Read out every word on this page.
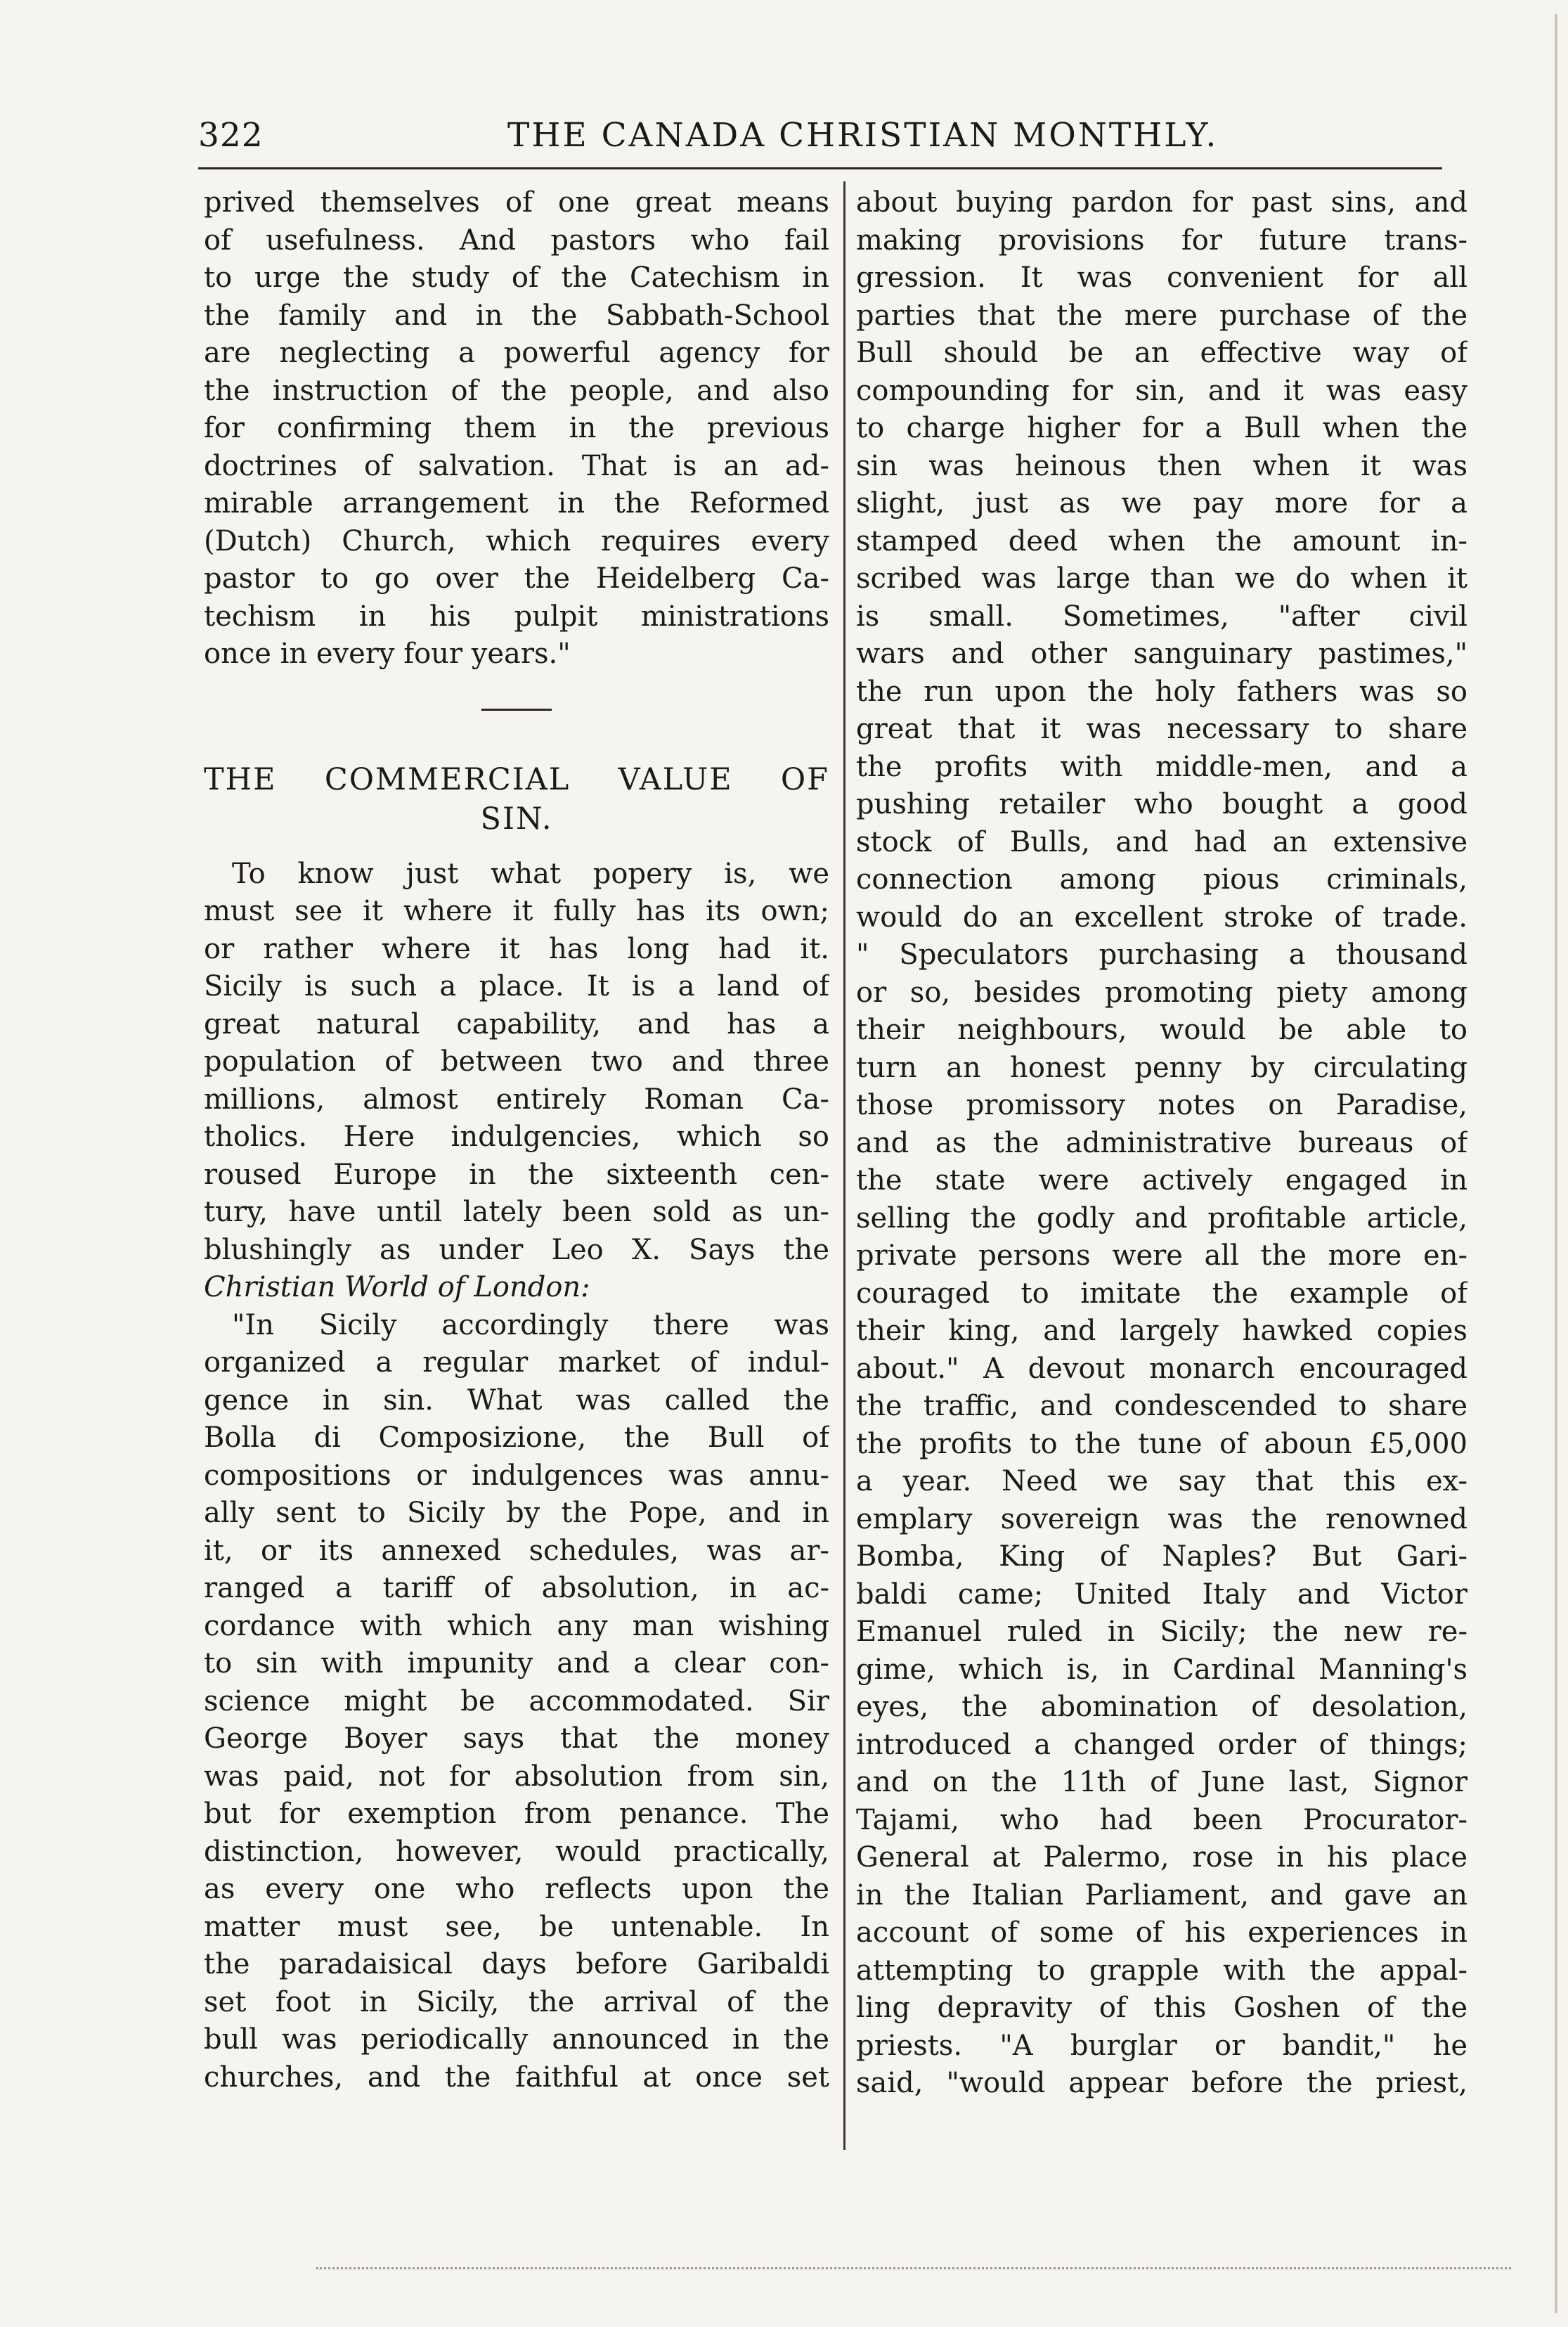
322	THE CANADA CHRISTIAN MONTHLY.
prived themselves of one great means
of usefulness. And pastors who fail
to urge the study of the Catechism in
the family and in the Sabbath-School
are neglecting a powerful agency for
the instruction of the people, and also
for confirming them in the previous
doctrines of salvation. That is an ad-
mirable arrangement in the Reformed
(Dutch) Church, which requires every
pastor to go over the Heidelberg Ca-
techism in his pulpit ministrations
once in every four years."
THE COMMERCIAL VALUE OF
SIN.
To know just what popery is, we
must see it where it fully has its own;
or rather where it has long had it.
Sicily is such a place. It is a land of
great natural capability, and has a
population of between two and three
millions, almost entirely Roman Ca-
tholics. Here indulgencies, which so
roused Europe in the sixteenth cen-
tury, have until lately been sold as un-
blushingly as under Leo X. Says the
Christian World of London:
"In Sicily accordingly there was
organized a regular market of indul-
gence in sin. What was called the
Bolla di Composizione, the Bull of
compositions or indulgences was annu-
ally sent to Sicily by the Pope, and in
it, or its annexed schedules, was ar-
ranged a tariff of absolution, in ac-
cordance with which any man wishing
to sin with impunity and a clear con-
science might be accommodated. Sir
George Boyer says that the money
was paid, not for absolution from sin,
but for exemption from penance. The
distinction, however, would practically,
as every one who reflects upon the
matter must see, be untenable. In
the paradaisical days before Garibaldi
set foot in Sicily, the arrival of the
bull was periodically announced in the
churches, and the faithful at once set
about buying pardon for past sins, and
making provisions for future trans-
gression. It was convenient for all
parties that the mere purchase of the
Bull should be an effective way of
compounding for sin, and it was easy
to charge higher for a Bull when the
sin was heinous then when it was
slight, just as we pay more for a
stamped deed when the amount in-
scribed was large than we do when it
is small. Sometimes, "after civil
wars and other sanguinary pastimes,"
the run upon the holy fathers was so
great that it was necessary to share
the profits with middle-men, and a
pushing retailer who bought a good
stock of Bulls, and had an extensive
connection among pious criminals,
would do an excellent stroke of trade.
" Speculators purchasing a thousand
or so, besides promoting piety among
their neighbours, would be able to
turn an honest penny by circulating
those promissory notes on Paradise,
and as the administrative bureaus of
the state were actively engaged in
selling the godly and profitable article,
private persons were all the more en-
couraged to imitate the example of
their king, and largely hawked copies
about." A devout monarch encouraged
the traffic, and condescended to share
the profits to the tune of aboun £5,000
a year. Need we say that this ex-
emplary sovereign was the renowned
Bomba, King of Naples? But Gari-
baldi came; United Italy and Victor
Emanuel ruled in Sicily; the new re-
gime, which is, in Cardinal Manning's
eyes, the abomination of desolation,
introduced a changed order of things;
and on the 11th of June last, Signor
Tajami, who had been Procurator-
General at Palermo, rose in his place
in the Italian Parliament, and gave an
account of some of his experiences in
attempting to grapple with the appal-
ling depravity of this Goshen of the
priests. "A burglar or bandit," he
said, "would appear before the priest,
